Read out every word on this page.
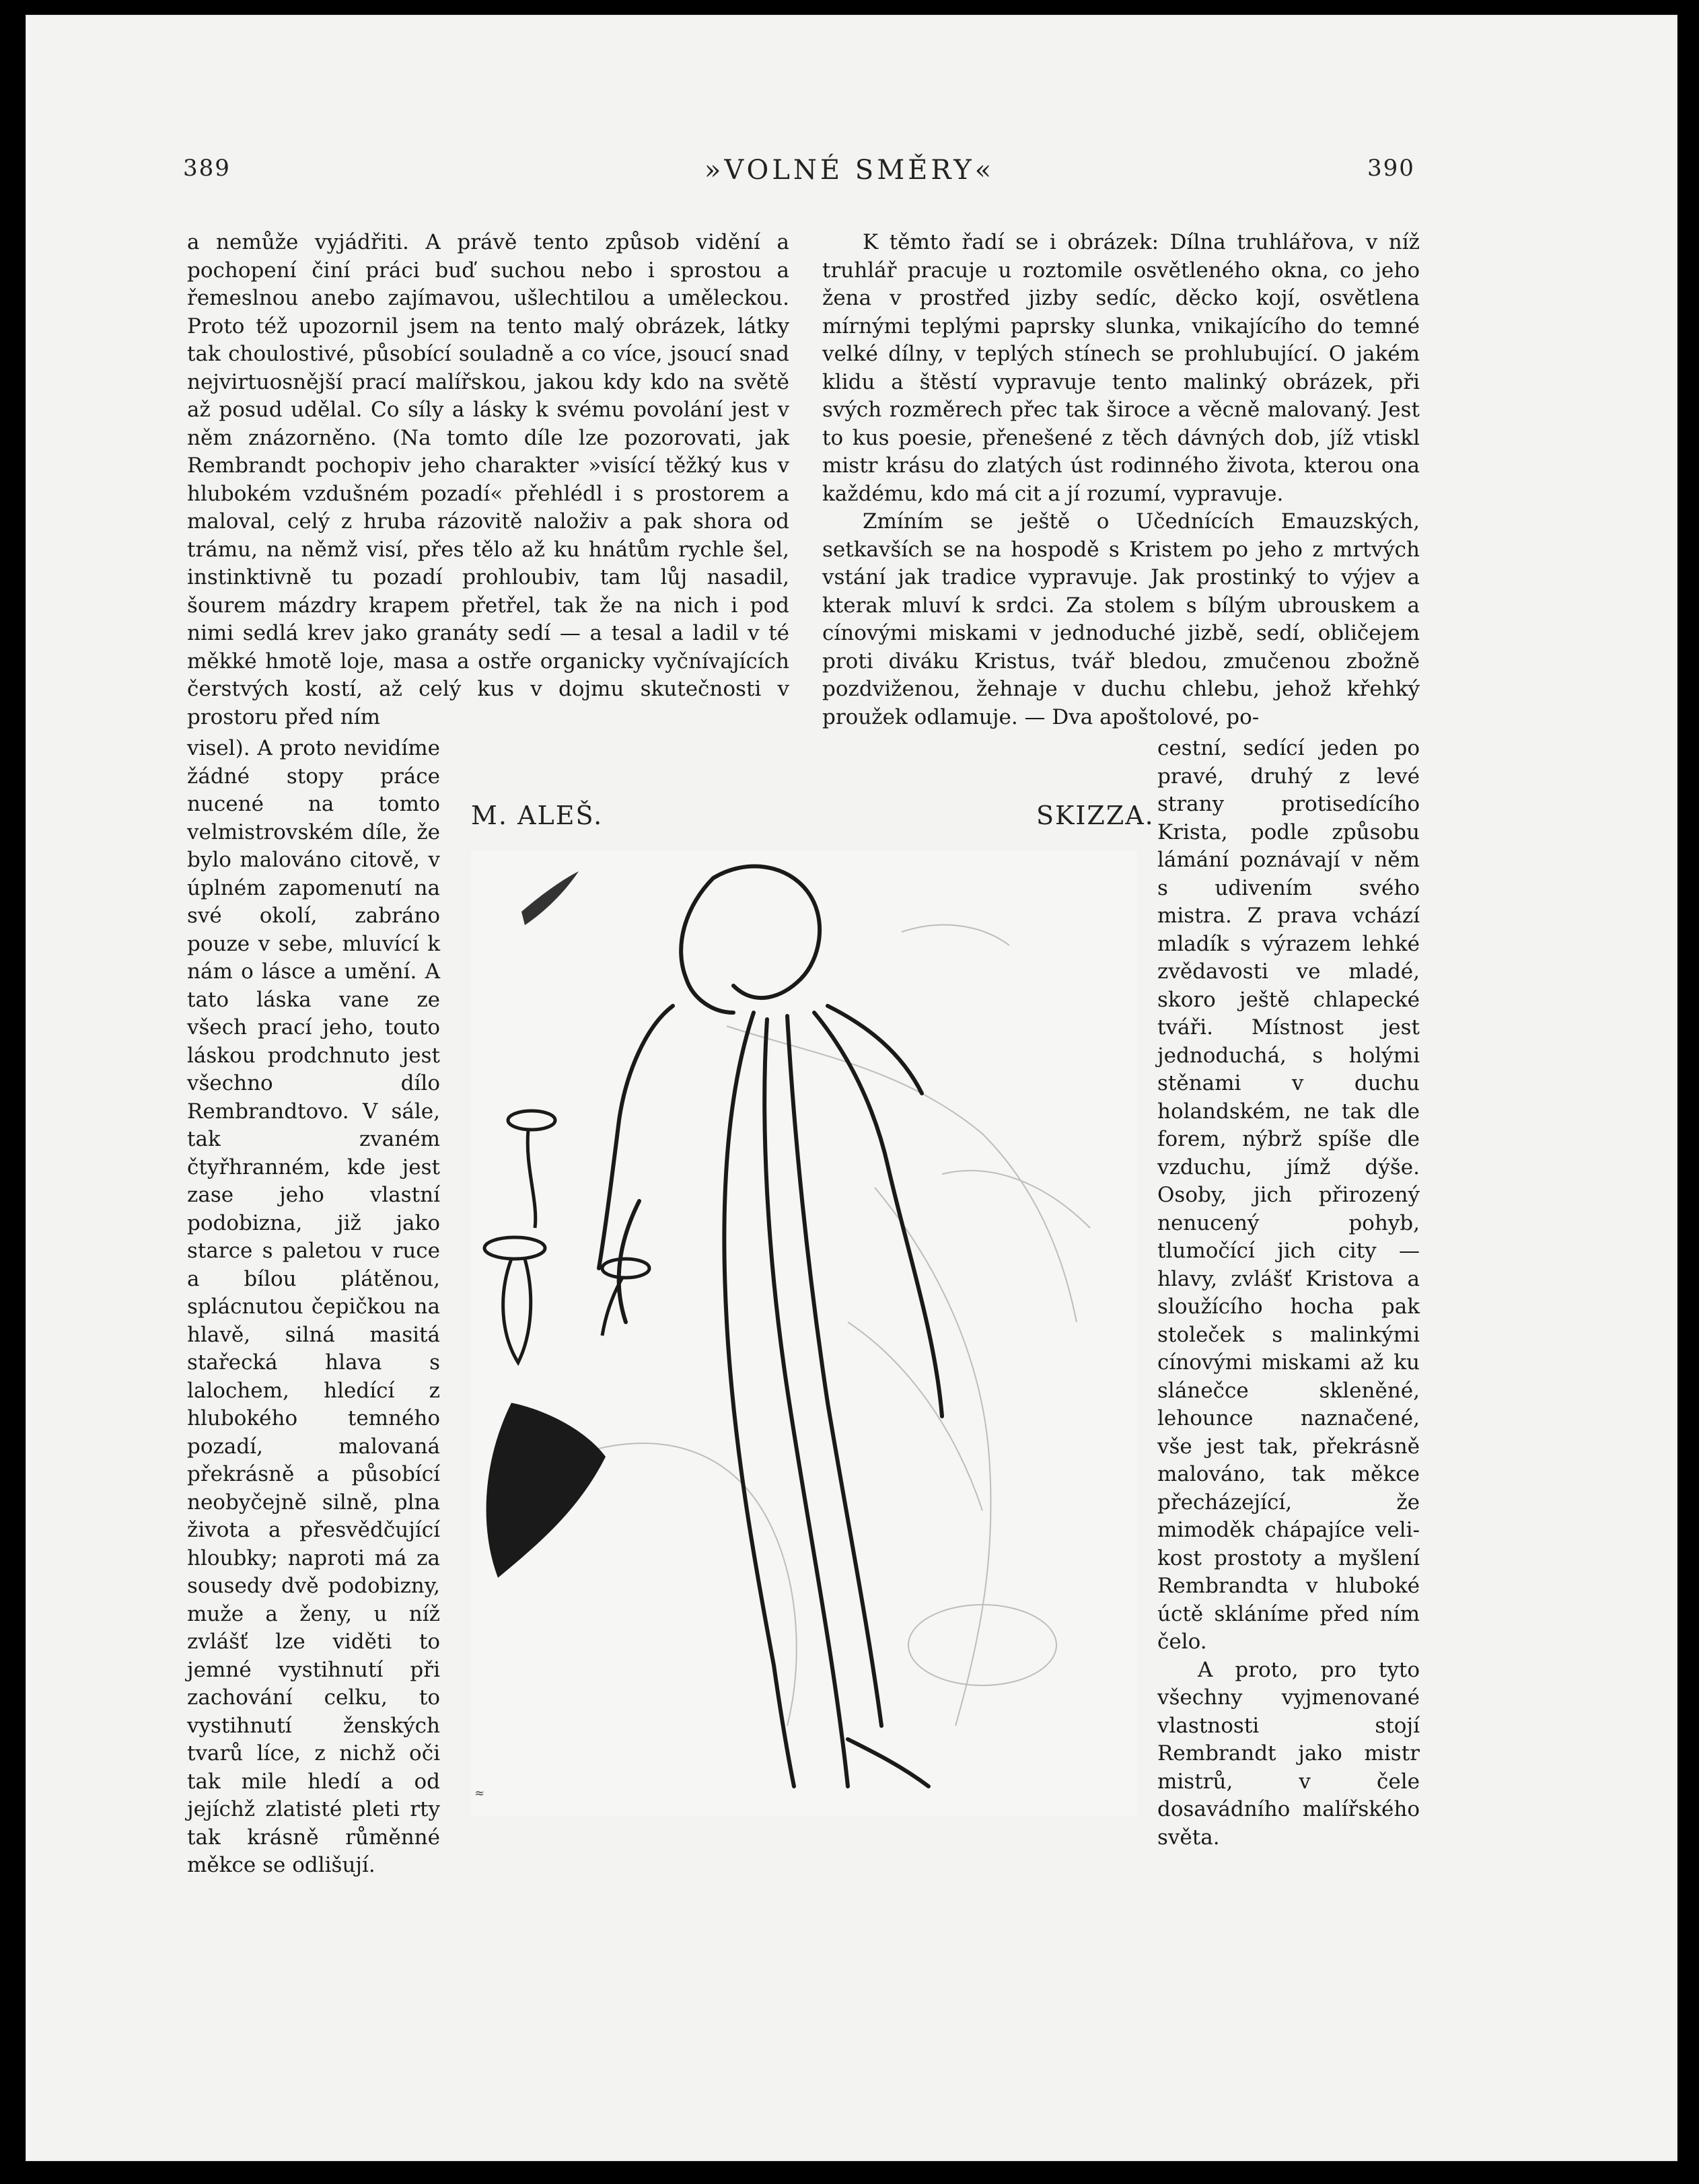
389	»VOLNÉ SMĚRY«	390

a nemůže vyjádřiti. A právě tento způsob vidění a pochopení činí práci buď suchou nebo i sprostou a řemeslnou anebo zajímavou, ušlechtilou a uměleckou. Proto též upozornil jsem na tento malý obrázek, látky tak choulostivé, působící souladně a co více, jsoucí snad nejvirtuosnější prací malířskou, jakou kdy kdo na světě až posud udělal. Co síly a lásky k svému povolání jest v něm znázorněno. (Na tomto díle lze pozorovati, jak Rembrandt pochopiv jeho charakter »visící těžký kus v hlubokém vzdušném pozadí« přehlédl i s prostorem a maloval, celý z hruba rázovitě naloživ a pak shora od trámu, na němž visí, přes tělo až ku hnátům rychle šel, instinktivně tu pozadí prohloubiv, tam lůj nasadil, šourem mázdry krapem přetřel, tak že na nich i pod nimi sedlá krev jako granáty sedí — a tesal a ladil v té měkké hmotě loje, masa a ostře organicky vyčnívajících čerstvých kostí, až celý kus v dojmu skutečnosti v prostoru před ním

visel). A proto nevidíme žádné stopy práce nucené na tomto velmistrovském díle, že bylo malováno citově, v úplném zapomenutí na své okolí, zabráno pouze v sebe, mluvící k nám o lásce a umění. A tato láska vane ze všech prací jeho, touto láskou prodchnuto jest všechno dílo Rembrandtovo. V sále, tak zvaném čtyřhranném, kde jest zase jeho vlastní podobizna, již jako starce s paletou v ruce a bílou plátěnou, splácnutou čepičkou na hlavě, silná masitá stařecká hlava s lalochem, hledící z hlubokého temného pozadí, malovaná překrásně a působící neobyčejně silně, plna života a přesvědčující hloubky; naproti má za sousedy dvě podobizny, muže a ženy, u níž zvlášť lze viděti to jemné vystihnutí při zachování celku, to vystihnutí ženských tvarů líce, z nichž oči tak mile hledí a od jejíchž zlatisté pleti rty tak krásně růměnné měkce se odlišují.

K těmto řadí se i obrázek: Dílna truhlářova, v níž truhlář pracuje u roztomile osvětleného okna, co jeho žena v prostřed jizby sedíc, děcko kojí, osvětlena mírnými teplými paprsky slunka, vnikajícího do temné velké dílny, v teplých stínech se prohlubující. O jakém klidu a štěstí vypravuje tento malinký obrázek, při svých rozměrech přec tak široce a věcně malovaný. Jest to kus poesie, přenešené z těch dávných dob, jíž vtiskl mistr krásu do zlatých úst rodinného života, kterou ona každému, kdo má cit a jí rozumí, vypravuje.

Zmíním se ještě o Učednících Emauzských, setkavších se na hospodě s Kristem po jeho z mrtvých vstání jak tradice vypravuje. Jak prostinký to výjev a kterak mluví k srdci. Za stolem s bílým ubrouskem a cínovými miskami v jednoduché jizbě, sedí, obličejem proti diváku Kristus, tvář bledou, zmučenou zbožně pozdviženou, žehnaje v duchu chlebu, jehož křehký proužek odlamuje. — Dva apoštolové, po-

cestní, sedící jeden po pravé, druhý z levé strany protisedícího Krista, podle způsobu lámání poznávají v něm s udivením svého mistra. Z prava vchází mladík s výrazem lehké zvědavosti ve mladé, skoro ještě chlapecké tváři. Místnost jest jednoduchá, s holými stěnami v duchu holandském, ne tak dle forem, nýbrž spíše dle vzduchu, jímž dýše. Osoby, jich přirozený nenucený pohyb, tlumočící jich city — hlavy, zvlášť Kristova a sloužícího hocha pak stoleček s malinkými cínovými miskami až ku slánečce skleněné, lehounce naznačené, vše jest tak, překrásně malováno, tak měkce přecházející, že mimoděk chápajíce velikost prostoty a myšlení Rembrandta v hluboké úctě skláníme před ním čelo.

A proto, pro tyto všechny vyjmenované vlastnosti stojí Rembrandt jako mistr mistrů, v čele dosavádního malířského světa.

M. ALEŠ.	SKIZZA.
≈
